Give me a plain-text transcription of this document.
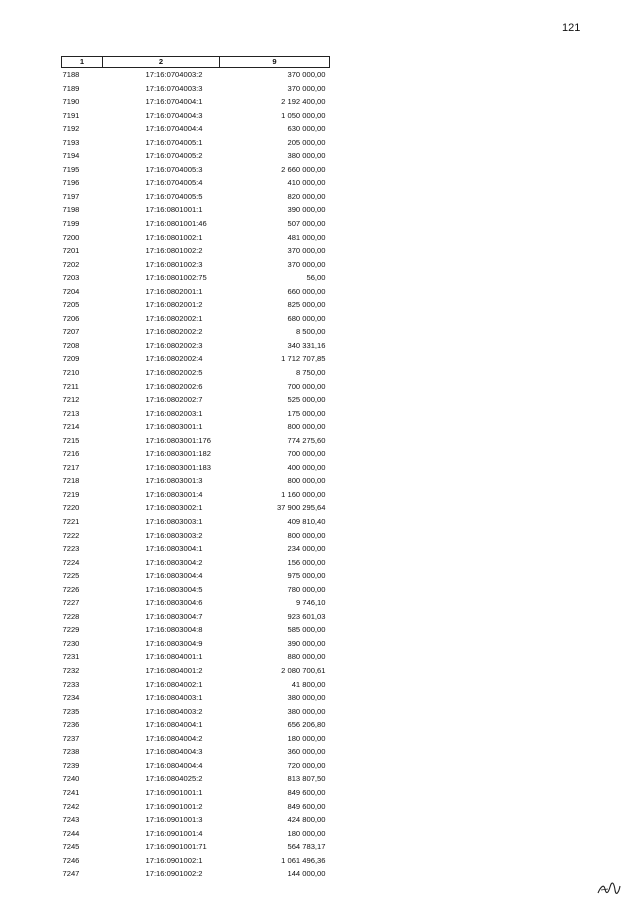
121
1	2	9
7188	17:16:0704003:2	370 000,00
7189	17:16:0704003:3	370 000,00
7190	17:16:0704004:1	2 192 400,00
7191	17:16:0704004:3	1 050 000,00
7192	17:16:0704004:4	630 000,00
7193	17:16:0704005:1	205 000,00
7194	17:16:0704005:2	380 000,00
7195	17:16:0704005:3	2 660 000,00
7196	17:16:0704005:4	410 000,00
7197	17:16:0704005:5	820 000,00
7198	17:16:0801001:1	390 000,00
7199	17:16:0801001:46	507 000,00
7200	17:16:0801002:1	481 000,00
7201	17:16:0801002:2	370 000,00
7202	17:16:0801002:3	370 000,00
7203	17:16:0801002:75	56,00
7204	17:16:0802001:1	660 000,00
7205	17:16:0802001:2	825 000,00
7206	17:16:0802002:1	680 000,00
7207	17:16:0802002:2	8 500,00
7208	17:16:0802002:3	340 331,16
7209	17:16:0802002:4	1 712 707,85
7210	17:16:0802002:5	8 750,00
7211	17:16:0802002:6	700 000,00
7212	17:16:0802002:7	525 000,00
7213	17:16:0802003:1	175 000,00
7214	17:16:0803001:1	800 000,00
7215	17:16:0803001:176	774 275,60
7216	17:16:0803001:182	700 000,00
7217	17:16:0803001:183	400 000,00
7218	17:16:0803001:3	800 000,00
7219	17:16:0803001:4	1 160 000,00
7220	17:16:0803002:1	37 900 295,64
7221	17:16:0803003:1	409 810,40
7222	17:16:0803003:2	800 000,00
7223	17:16:0803004:1	234 000,00
7224	17:16:0803004:2	156 000,00
7225	17:16:0803004:4	975 000,00
7226	17:16:0803004:5	780 000,00
7227	17:16:0803004:6	9 746,10
7228	17:16:0803004:7	923 601,03
7229	17:16:0803004:8	585 000,00
7230	17:16:0803004:9	390 000,00
7231	17:16:0804001:1	880 000,00
7232	17:16:0804001:2	2 080 700,61
7233	17:16:0804002:1	41 800,00
7234	17:16:0804003:1	380 000,00
7235	17:16:0804003:2	380 000,00
7236	17:16:0804004:1	656 206,80
7237	17:16:0804004:2	180 000,00
7238	17:16:0804004:3	360 000,00
7239	17:16:0804004:4	720 000,00
7240	17:16:0804025:2	813 807,50
7241	17:16:0901001:1	849 600,00
7242	17:16:0901001:2	849 600,00
7243	17:16:0901001:3	424 800,00
7244	17:16:0901001:4	180 000,00
7245	17:16:0901001:71	564 783,17
7246	17:16:0901002:1	1 061 496,36
7247	17:16:0901002:2	144 000,00
